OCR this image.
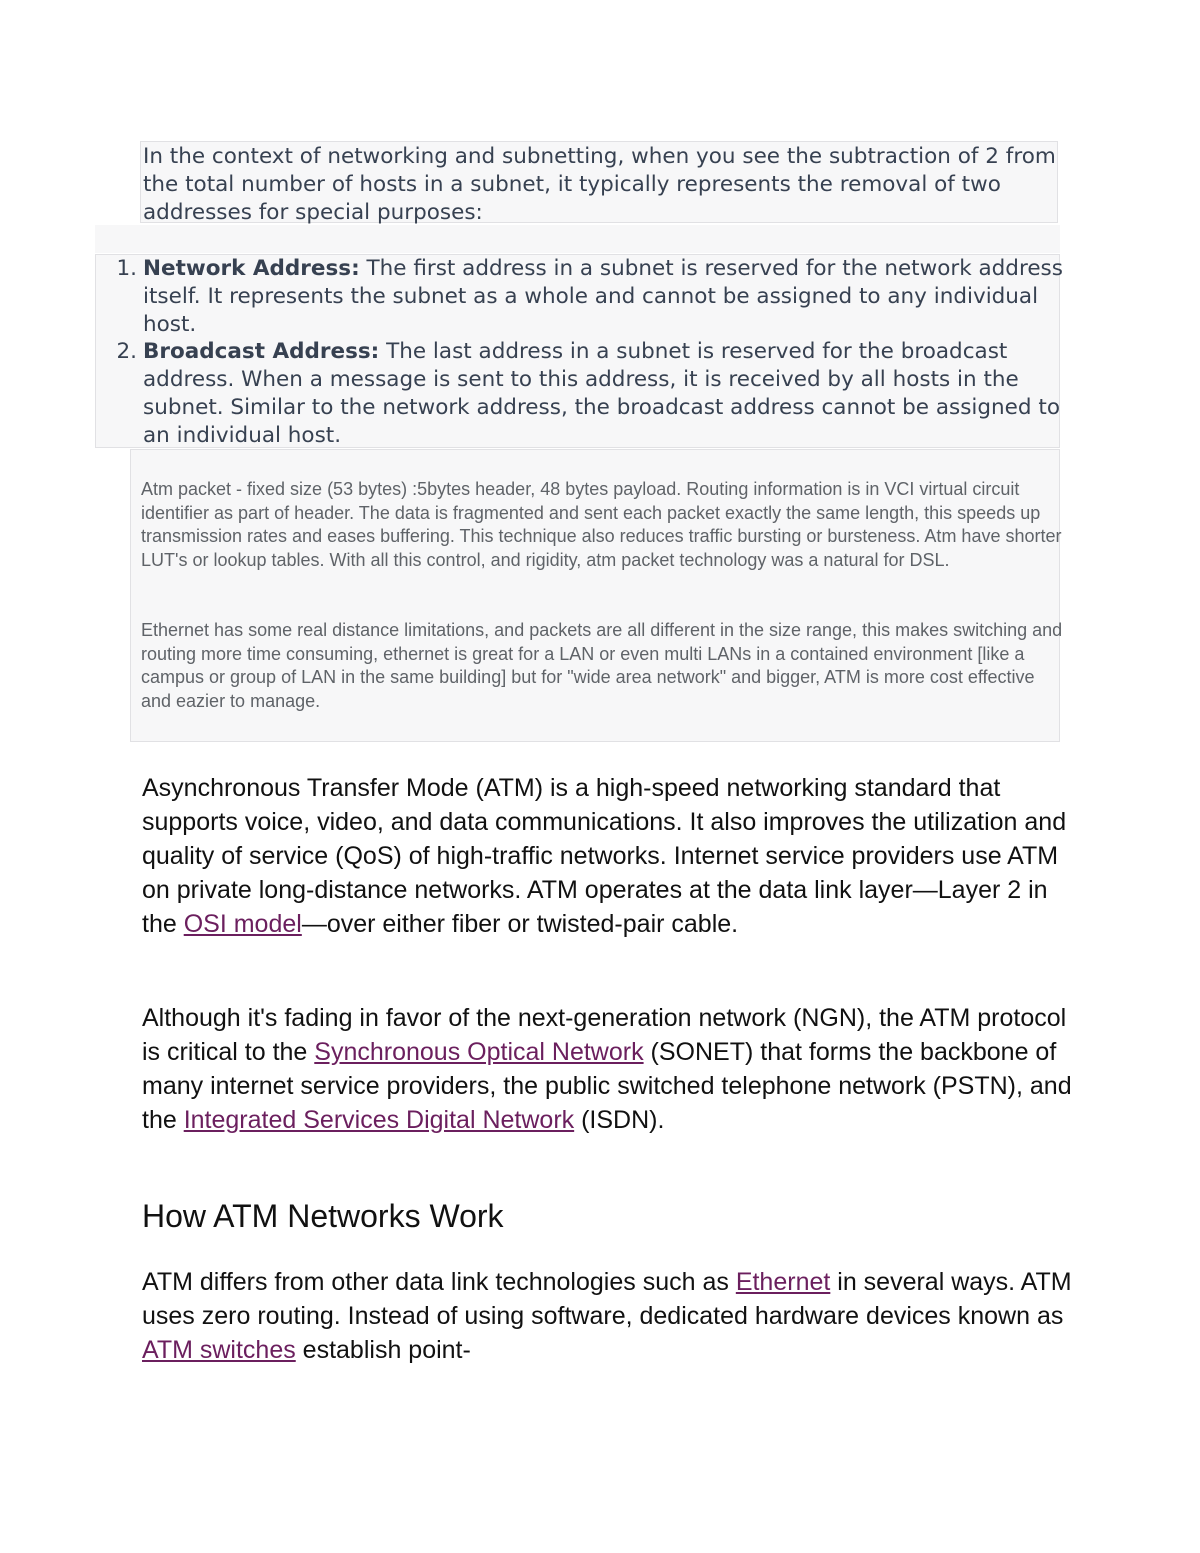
In the context of networking and subnetting, when you see the subtraction of 2 from the total number of hosts in a subnet, it typically represents the removal of two addresses for special purposes:

1. Network Address: The first address in a subnet is reserved for the network address itself. It represents the subnet as a whole and cannot be assigned to any individual host.
2. Broadcast Address: The last address in a subnet is reserved for the broadcast address. When a message is sent to this address, it is received by all hosts in the subnet. Similar to the network address, the broadcast address cannot be assigned to an individual host.

Atm packet - fixed size (53 bytes) :5bytes header, 48 bytes payload. Routing information is in VCI virtual circuit identifier as part of header. The data is fragmented and sent each packet exactly the same length, this speeds up transmission rates and eases buffering. This technique also reduces traffic bursting or bursteness. Atm have shorter LUT's or lookup tables. With all this control, and rigidity, atm packet technology was a natural for DSL.

Ethernet has some real distance limitations, and packets are all different in the size range, this makes switching and routing more time consuming, ethernet is great for a LAN or even multi LANs in a contained environment [like a campus or group of LAN in the same building] but for "wide area network" and bigger, ATM is more cost effective and eazier to manage.

Asynchronous Transfer Mode (ATM) is a high-speed networking standard that supports voice, video, and data communications. It also improves the utilization and quality of service (QoS) of high-traffic networks. Internet service providers use ATM on private long-distance networks. ATM operates at the data link layer—Layer 2 in the OSI model—over either fiber or twisted-pair cable.

Although it's fading in favor of the next-generation network (NGN), the ATM protocol is critical to the Synchronous Optical Network (SONET) that forms the backbone of many internet service providers, the public switched telephone network (PSTN), and the Integrated Services Digital Network (ISDN).

How ATM Networks Work

ATM differs from other data link technologies such as Ethernet in several ways. ATM uses zero routing. Instead of using software, dedicated hardware devices known as ATM switches establish point-
